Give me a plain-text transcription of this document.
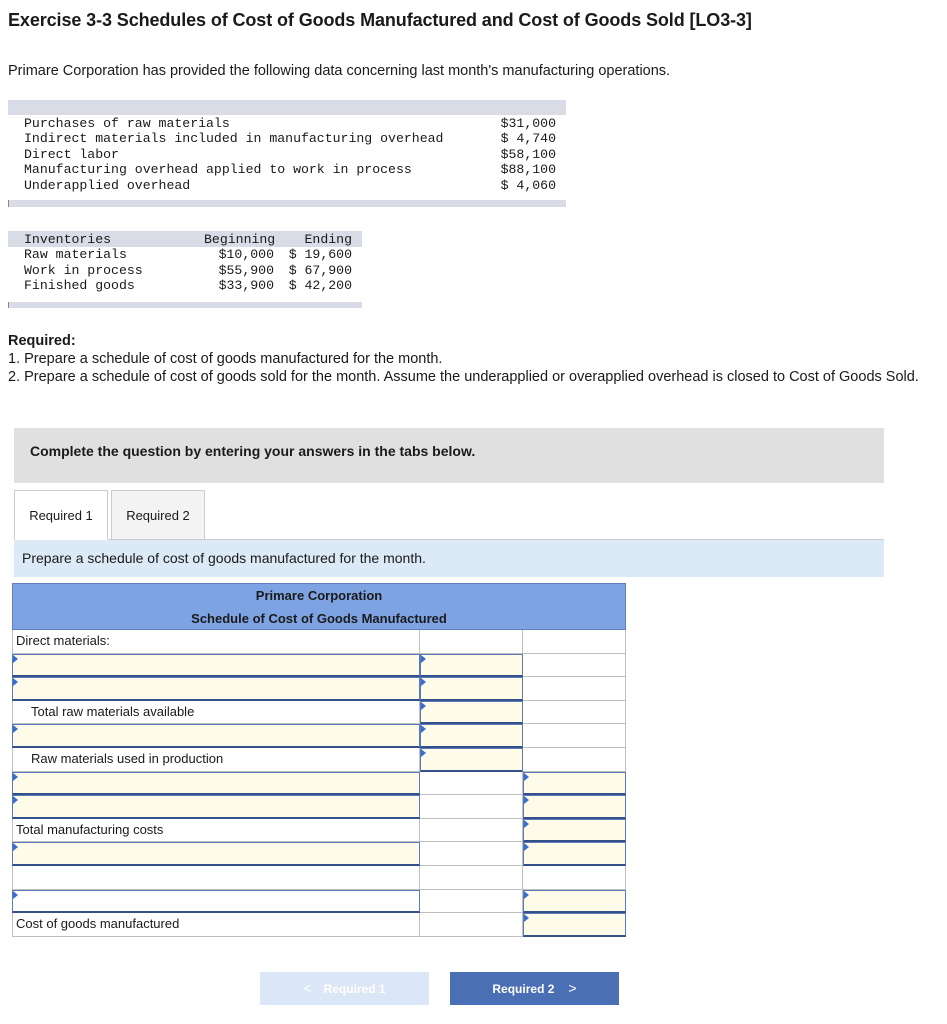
Exercise 3-3 Schedules of Cost of Goods Manufactured and Cost of Goods Sold [LO3-3]
Primare Corporation has provided the following data concerning last month's manufacturing operations.
Purchases of raw materials
Indirect materials included in manufacturing overhead
Direct labor
Manufacturing overhead applied to work in process
Underapplied overhead
$31,000
$ 4,740
$58,100
$88,100
$ 4,060
Inventories
Raw materials
Work in process
Finished goods
Beginning
$10,000
$55,900
$33,900
Ending
$ 19,600
$ 67,900
$ 42,200
Required:
1. Prepare a schedule of cost of goods manufactured for the month.
2. Prepare a schedule of cost of goods sold for the month. Assume the underapplied or overapplied overhead is closed to Cost of Goods Sold.
Complete the question by entering your answers in the tabs below.
Required 1	Required 2
Prepare a schedule of cost of goods manufactured for the month.
Primare Corporation
Schedule of Cost of Goods Manufactured
Direct materials:
Total raw materials available
Raw materials used in production
Total manufacturing costs
Cost of goods manufactured
< Required 1	Required 2 >
